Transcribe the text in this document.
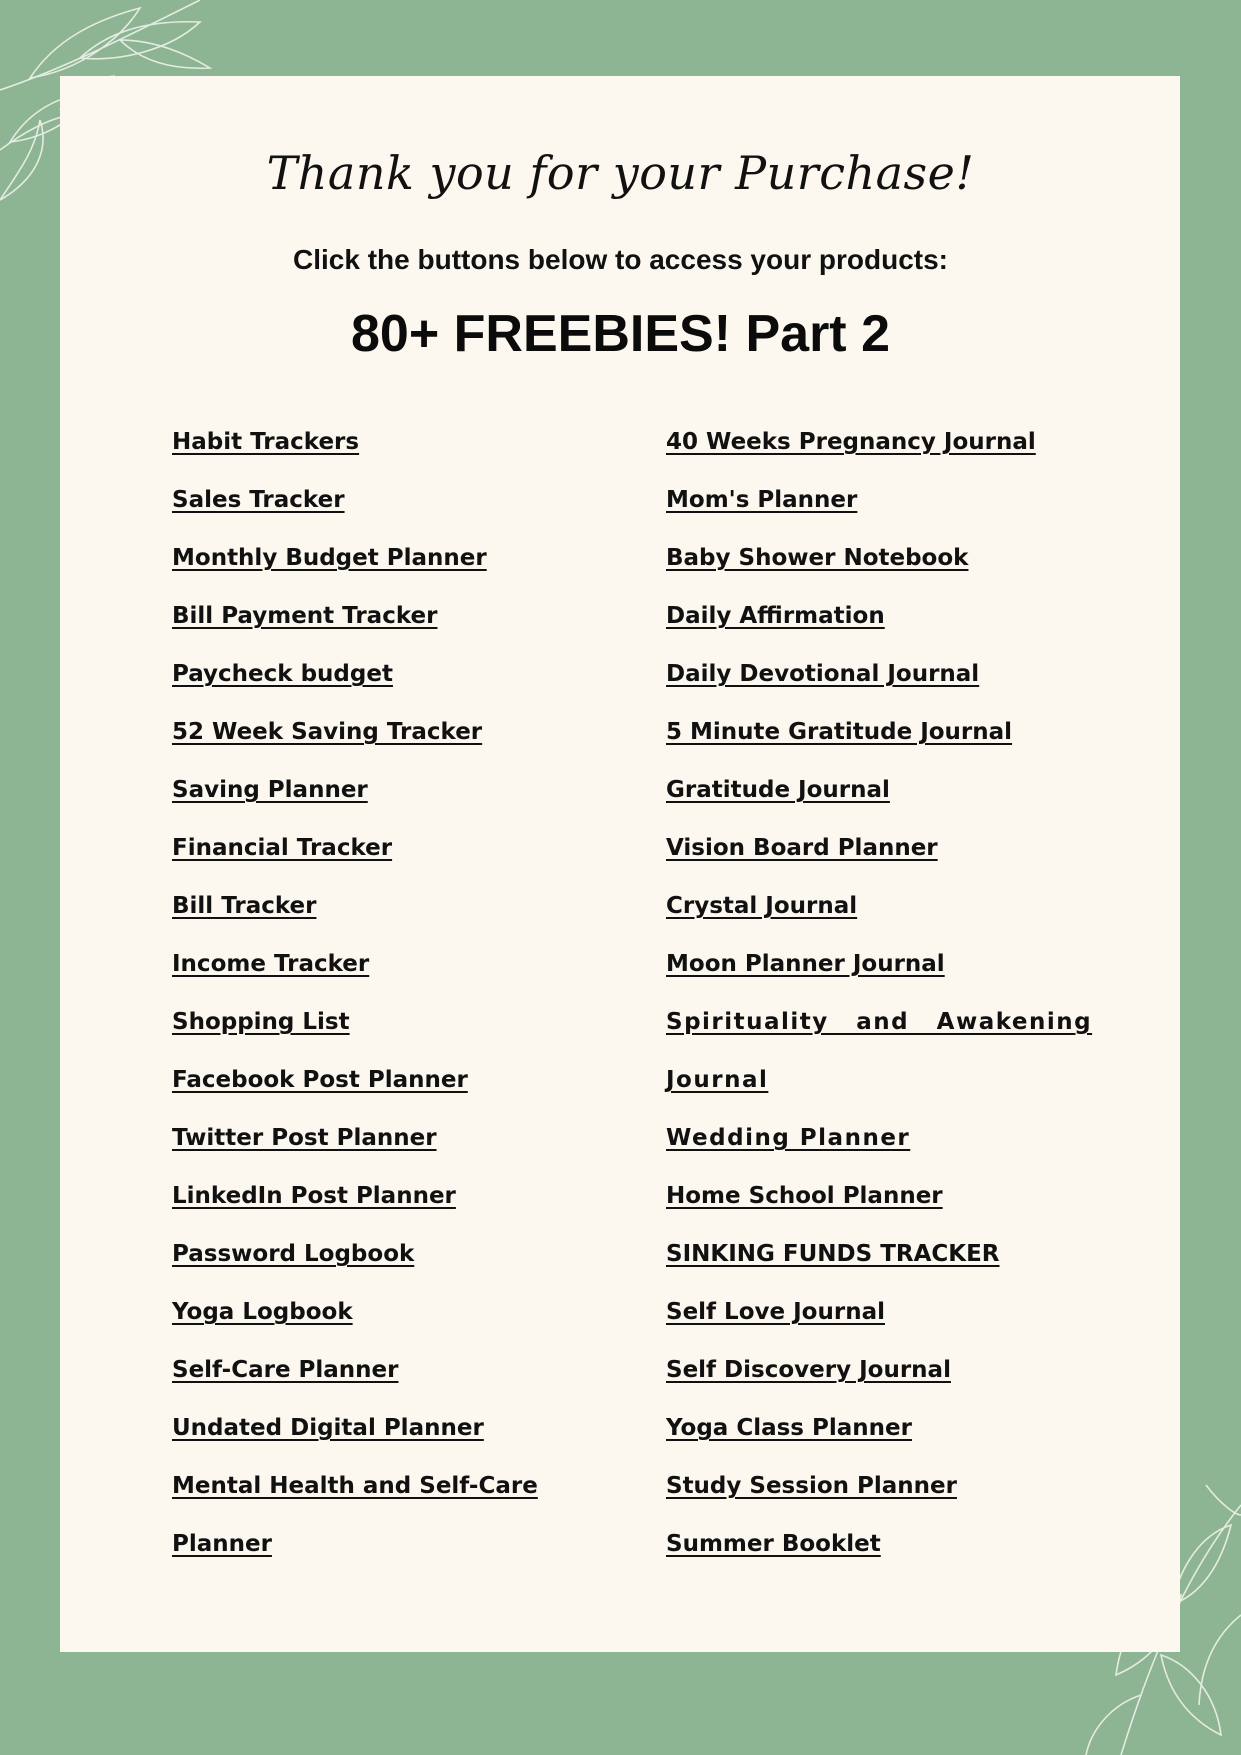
Thank you for your Purchase!
Click the buttons below to access your products:
80+ FREEBIES! Part 2
Habit Trackers
Sales Tracker
Monthly Budget Planner
Bill Payment Tracker
Paycheck budget
52 Week Saving Tracker
Saving Planner
Financial Tracker
Bill Tracker
Income Tracker
Shopping List
Facebook Post Planner
Twitter Post Planner
LinkedIn Post Planner
Password Logbook
Yoga Logbook
Self-Care Planner
Undated Digital Planner
Mental Health and Self-Care
Planner
40 Weeks Pregnancy Journal
Mom's Planner
Baby Shower Notebook
Daily Affirmation
Daily Devotional Journal
5 Minute Gratitude Journal
Gratitude Journal
Vision Board Planner
Crystal Journal
Moon Planner Journal
Spirituality and Awakening
Journal
Wedding Planner
Home School Planner
SINKING FUNDS TRACKER
Self Love Journal
Self Discovery Journal
Yoga Class Planner
Study Session Planner
Summer Booklet
